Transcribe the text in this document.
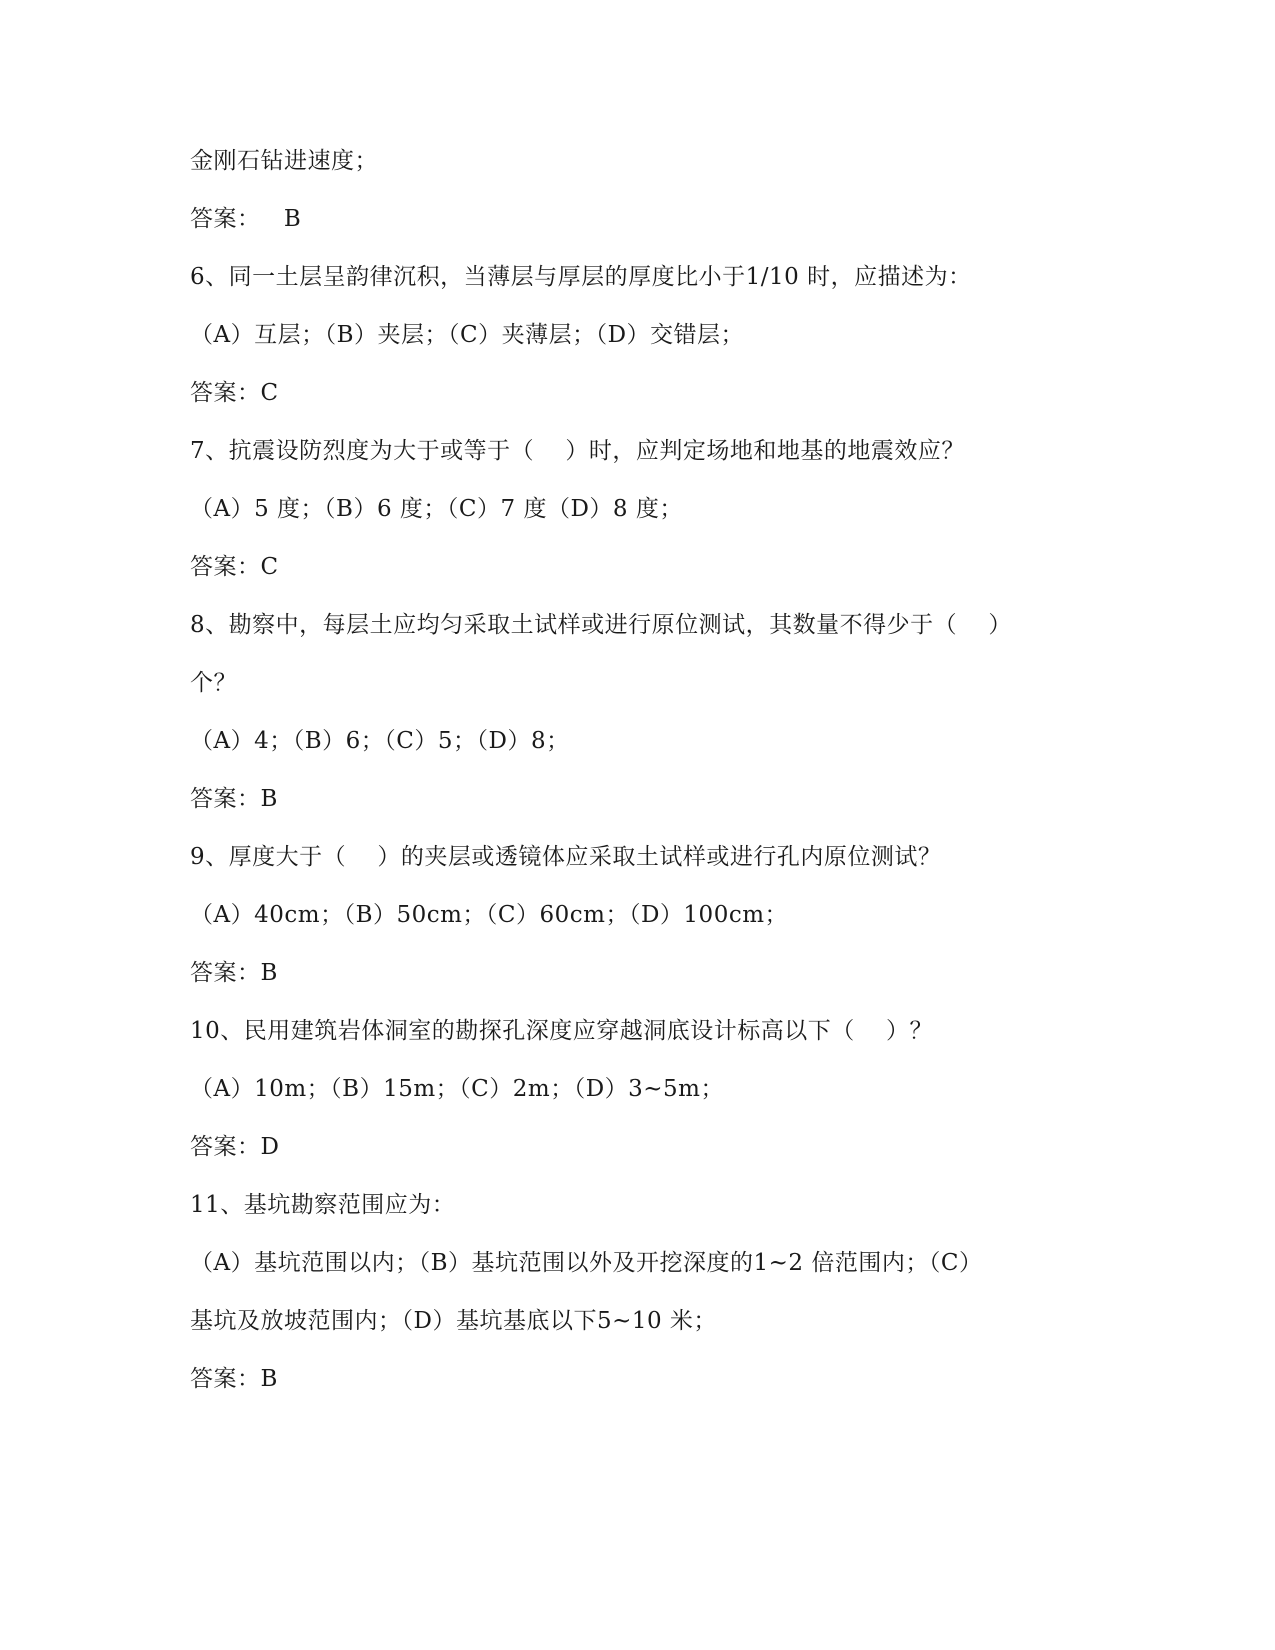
金刚石钻进速度；
答案：   B
6、同一土层呈韵律沉积，当薄层与厚层的厚度比小于1/10 时，应描述为：
（A）互层；（B）夹层；（C）夹薄层；（D）交错层；
答案：C
7、抗震设防烈度为大于或等于（    ）时，应判定场地和地基的地震效应？
（A）5 度；（B）6 度；（C）7 度（D）8 度；
答案：C
8、勘察中，每层土应均匀采取土试样或进行原位测试，其数量不得少于（    ）
个？
（A）4；（B）6；（C）5；（D）8；
答案：B
9、厚度大于（    ）的夹层或透镜体应采取土试样或进行孔内原位测试？
（A）40cm；（B）50cm；（C）60cm；（D）100cm；
答案：B
10、民用建筑岩体洞室的勘探孔深度应穿越洞底设计标高以下（    ）？
（A）10m；（B）15m；（C）2m；（D）3~5m；
答案：D
11、基坑勘察范围应为：
（A）基坑范围以内；（B）基坑范围以外及开挖深度的1~2 倍范围内；（C）
基坑及放坡范围内；（D）基坑基底以下5~10 米；
答案：B
